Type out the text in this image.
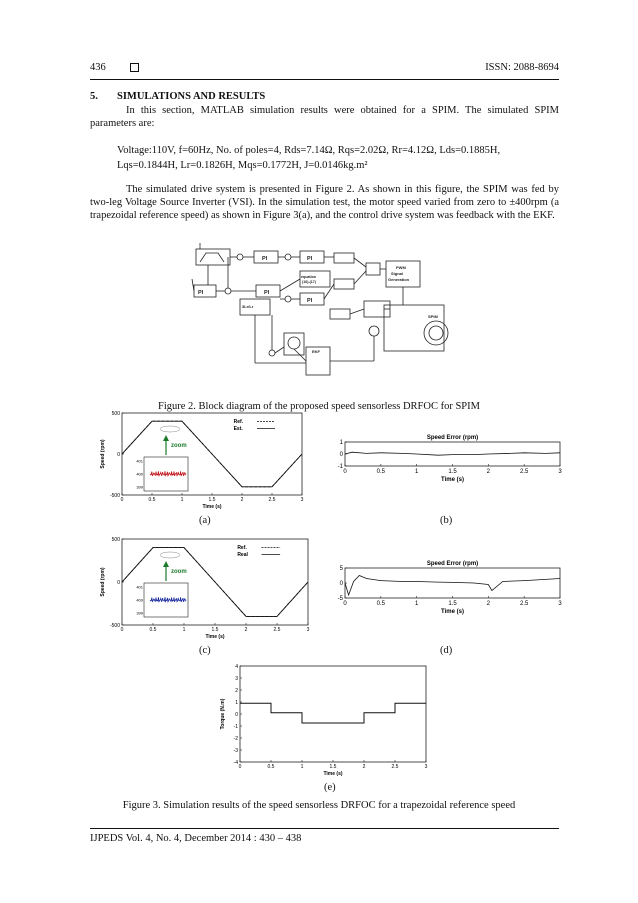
436	ISSN: 2088-8694
5. SIMULATIONS AND RESULTS
In this section, MATLAB simulation results were obtained for a SPIM. The simulated SPIM parameters are:
Voltage:110V, f=60Hz, No. of poles=4, Rds=7.14Ω, Rqs=2.02Ω, Rr=4.12Ω, Lds=0.1885H,
Lqs=0.1844H, Lr=0.1826H, Mqs=0.1772H, J=0.0146kg.m²
The simulated drive system is presented in Figure 2. As shown in this figure, the SPIM was fed by two-leg Voltage Source Inverter (VSI). In the simulation test, the motor speed varied from zero to ±400rpm (a trapezoidal reference speed) as shown in Figure 3(a), and the control drive system was feedback with the EKF.
PI	PI
PI	PI
PI
equation
(16)-(17)
PWM
Signal
Generation
SPIM
EKF
3Lr/Lr
Figure 2. Block diagram of the proposed speed sensorless DRFOC for SPIM
0	0.5	1	1.5	2	2.5	3
500
0
-500
Time (s)
Speed (rpm)
Ref.
Est.
401
400
399
zoom
(a)
0	0.5	1	1.5	2	2.5	3
1
0
-1
Time (s)
Speed Error (rpm)
(b)
0	0.5	1	1.5	2	2.5	3
500
0
-500
Time (s)
Speed (rpm)
Ref.
Real
401
400
399
zoom
(c)
0	0.5	1	1.5	2	2.5	3
5
0
-5
Time (s)
Speed Error (rpm)
(d)
0	0.5	1	1.5	2	2.5	3
4
3
2
1
0
-1
-2
-3
-4
Time (s)
Torque (N.m)
(e)
Figure 3. Simulation results of the speed sensorless DRFOC for a trapezoidal reference speed
IJPEDS Vol. 4, No. 4, December 2014 : 430 – 438
